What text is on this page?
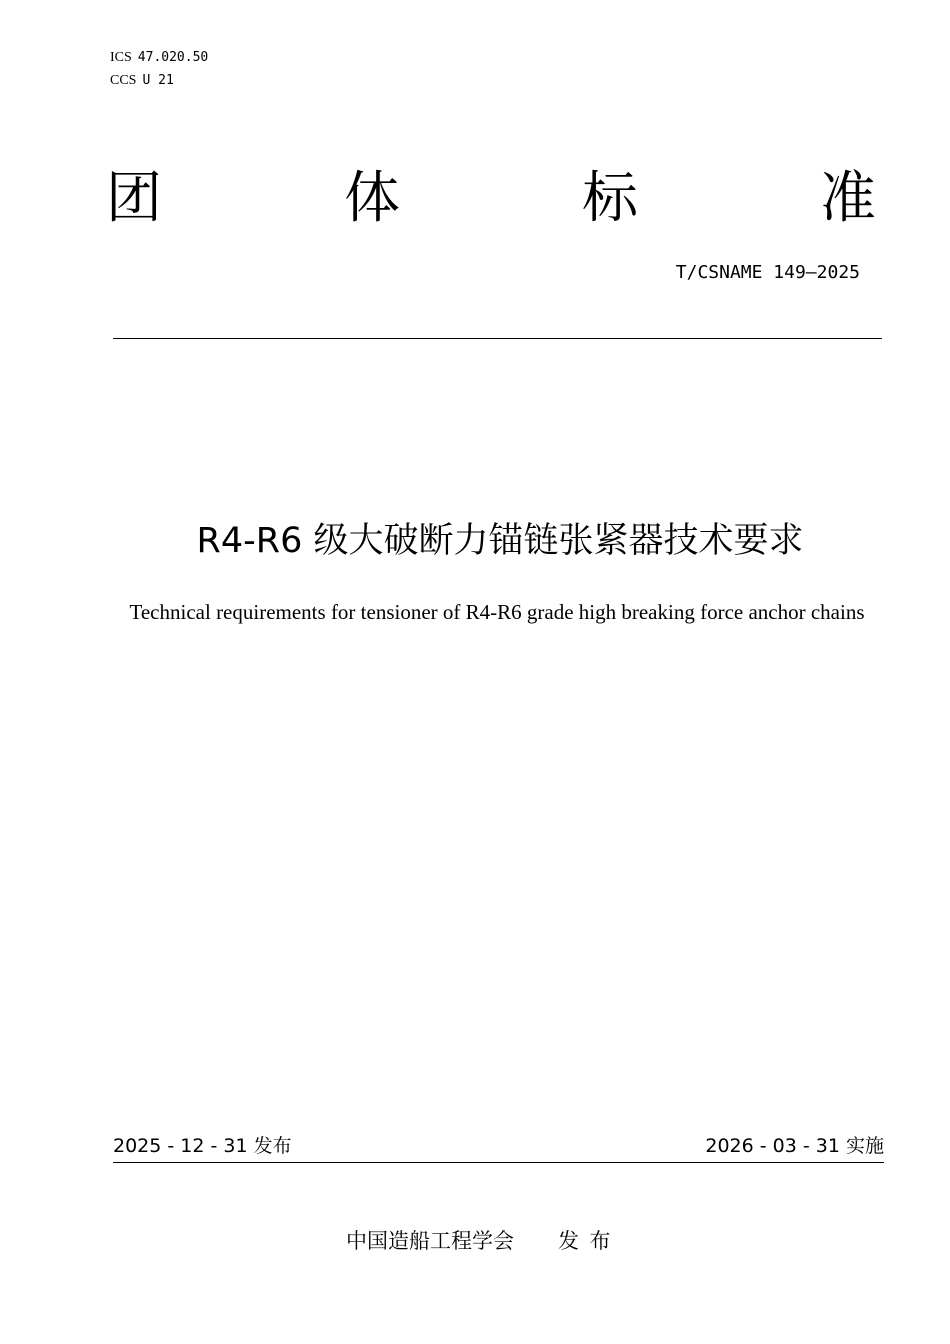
ICS 47.020.50
CCS U 21
团	体	标	准
T/CSNAME 149—2025
R4-R6 级大破断力锚链张紧器技术要求
Technical requirements for tensioner of R4-R6 grade high breaking force anchor chains
2025 - 12 - 31 发布	2026 - 03 - 31 实施
中国造船工程学会 发布
